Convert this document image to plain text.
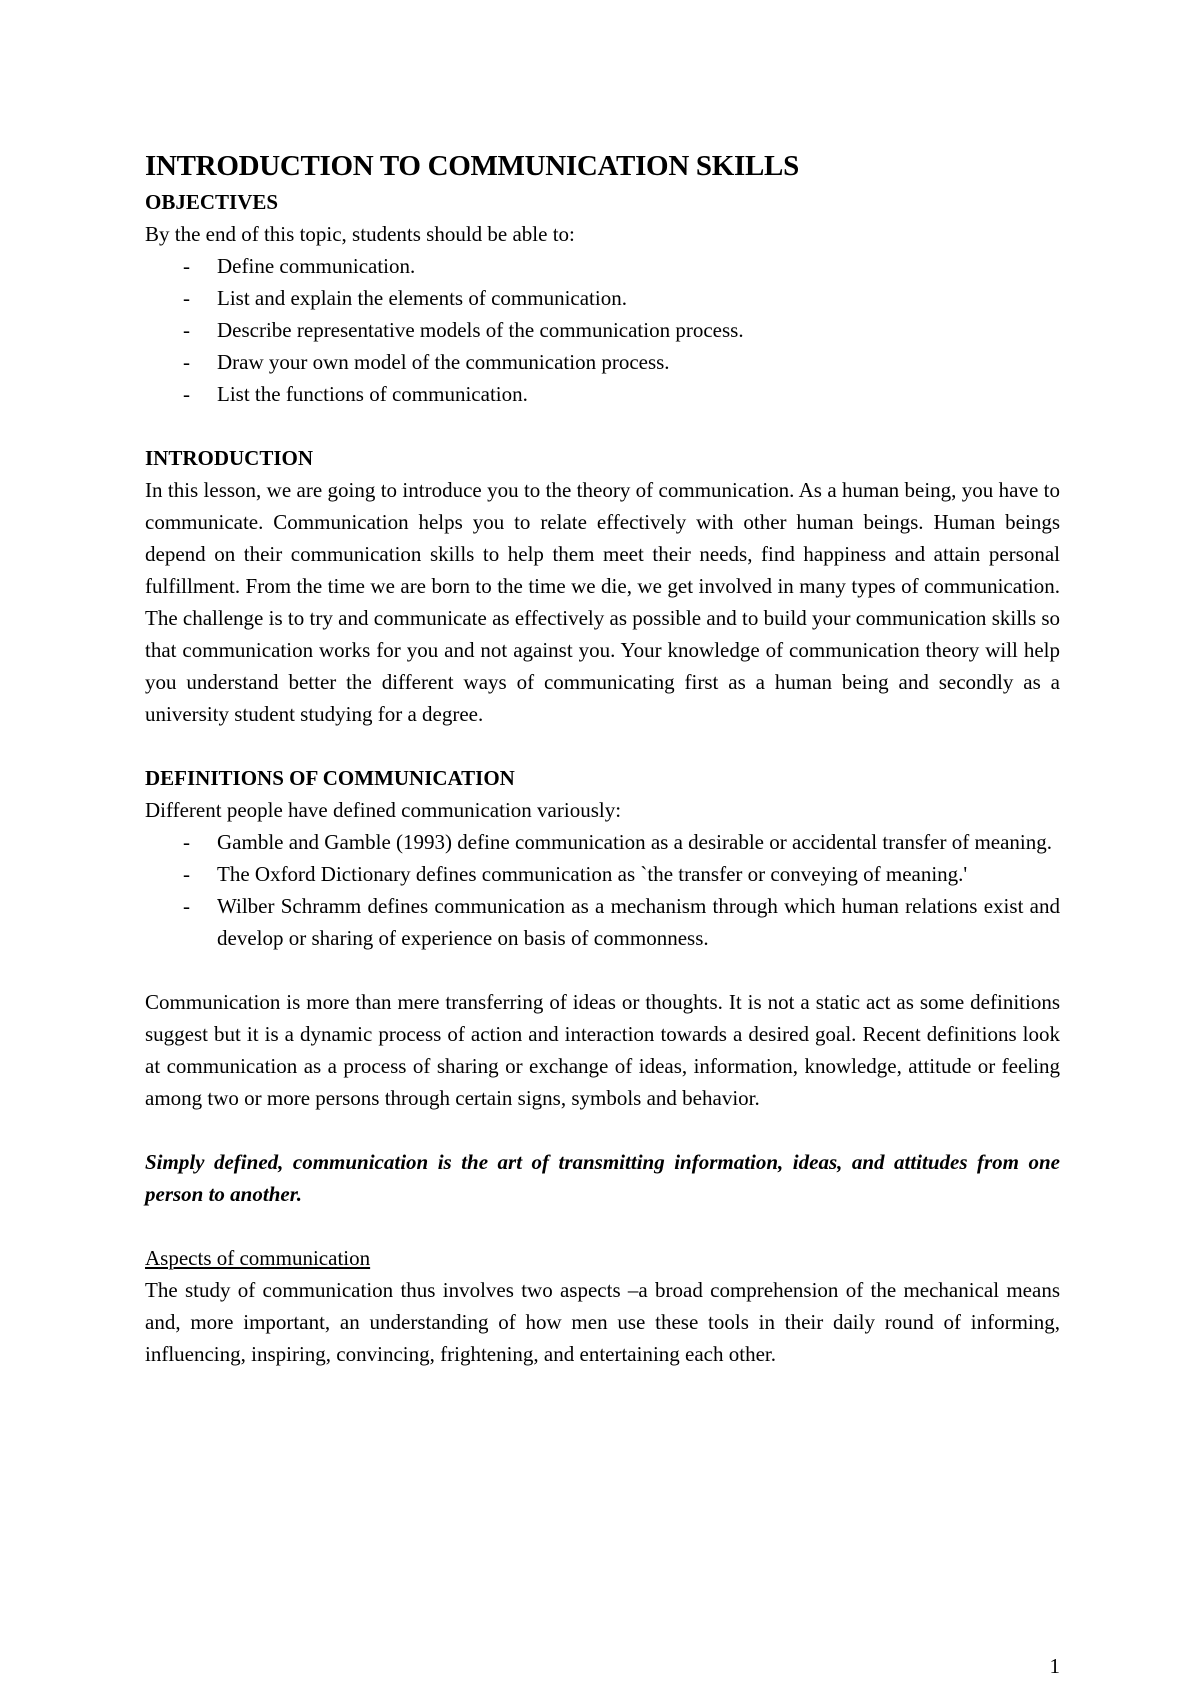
INTRODUCTION TO COMMUNICATION SKILLS
OBJECTIVES

By the end of this topic, students should be able to:

- Define communication.
- List and explain the elements of communication.
- Describe representative models of the communication process.
- Draw your own model of the communication process.
- List the functions of communication.
INTRODUCTION

In this lesson, we are going to introduce you to the theory of communication. As a human being, you have to communicate. Communication helps you to relate effectively with other human beings. Human beings depend on their communication skills to help them meet their needs, find happiness and attain personal fulfillment. From the time we are born to the time we die, we get involved in many types of communication. The challenge is to try and communicate as effectively as possible and to build your communication skills so that communication works for you and not against you. Your knowledge of communication theory will help you understand better the different ways of communicating first as a human being and secondly as a university student studying for a degree.

DEFINITIONS OF COMMUNICATION

Different people have defined communication variously:

- Gamble and Gamble (1993) define communication as a desirable or accidental transfer of meaning.
- The Oxford Dictionary defines communication as `the transfer or conveying of meaning.'
- Wilber Schramm defines communication as a mechanism through which human relations exist and develop or sharing of experience on basis of commonness.

Communication is more than mere transferring of ideas or thoughts. It is not a static act as some definitions suggest but it is a dynamic process of action and interaction towards a desired goal. Recent definitions look at communication as a process of sharing or exchange of ideas, information, knowledge, attitude or feeling among two or more persons through certain signs, symbols and behavior.

Simply defined, communication is the art of transmitting information, ideas, and attitudes from one person to another.

Aspects of communication

The study of communication thus involves two aspects –a broad comprehension of the mechanical means and, more important, an understanding of how men use these tools in their daily round of informing, influencing, inspiring, convincing, frightening, and entertaining each other.

1
